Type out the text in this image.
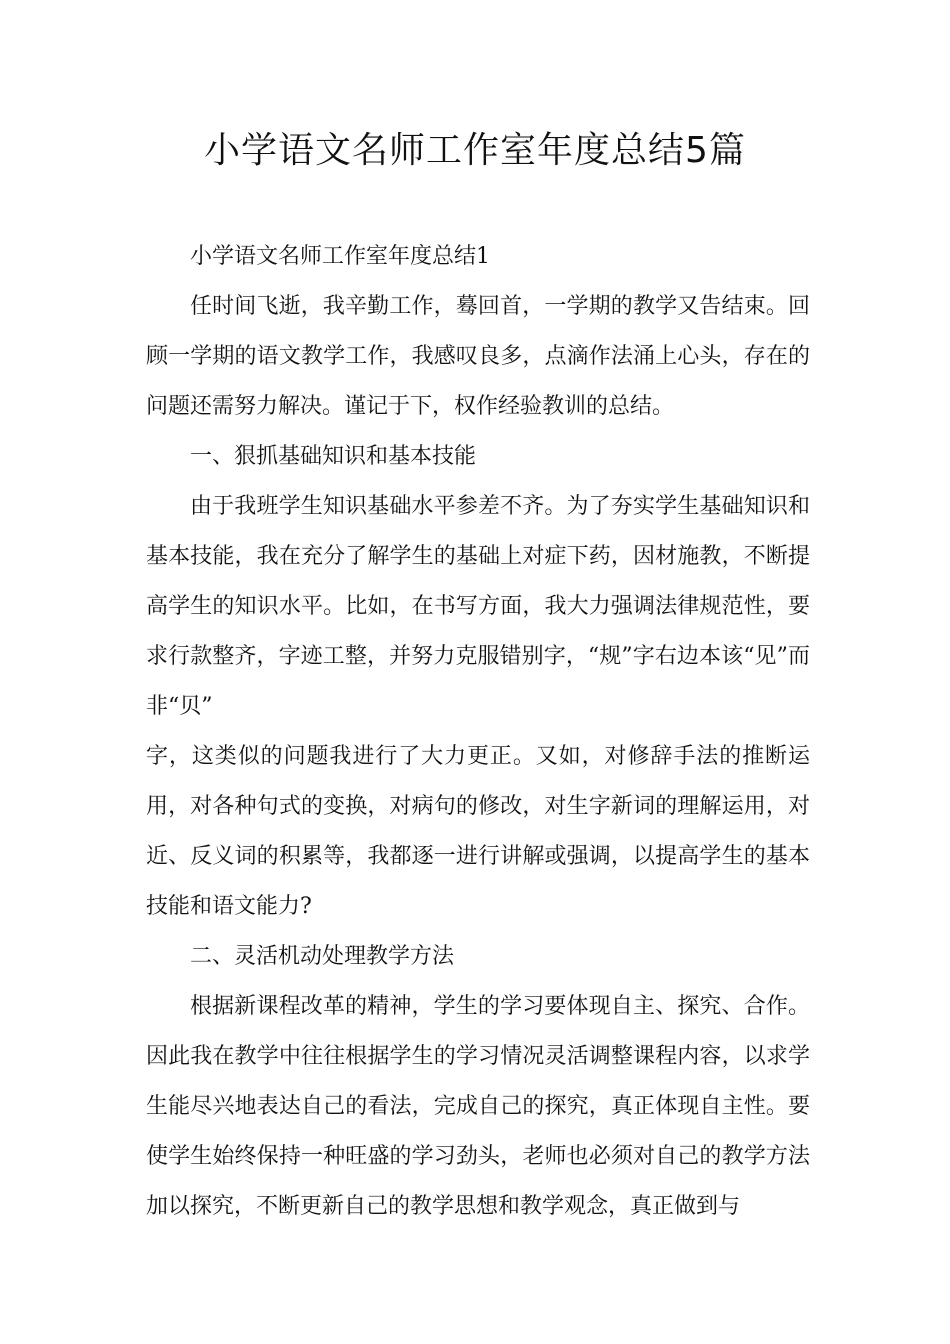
小学语文名师工作室年度总结5篇

小学语文名师工作室年度总结1

任时间飞逝，我辛勤工作，蓦回首，一学期的教学又告结束。回顾一学期的语文教学工作，我感叹良多，点滴作法涌上心头，存在的问题还需努力解决。谨记于下，权作经验教训的总结。

一、狠抓基础知识和基本技能

由于我班学生知识基础水平参差不齐。为了夯实学生基础知识和基本技能，我在充分了解学生的基础上对症下药，因材施教，不断提高学生的知识水平。比如，在书写方面，我大力强调法律规范性，要求行款整齐，字迹工整，并努力克服错别字，“规”字右边本该“见”而非“贝”

字，这类似的问题我进行了大力更正。又如，对修辞手法的推断运用，对各种句式的变换，对病句的修改，对生字新词的理解运用，对近、反义词的积累等，我都逐一进行讲解或强调，以提高学生的基本技能和语文能力?

二、灵活机动处理教学方法

根据新课程改革的精神，学生的学习要体现自主、探究、合作。因此我在教学中往往根据学生的学习情况灵活调整课程内容，以求学生能尽兴地表达自己的看法，完成自己的探究，真正体现自主性。要使学生始终保持一种旺盛的学习劲头，老师也必须对自己的教学方法加以探究，不断更新自己的教学思想和教学观念，真正做到与
